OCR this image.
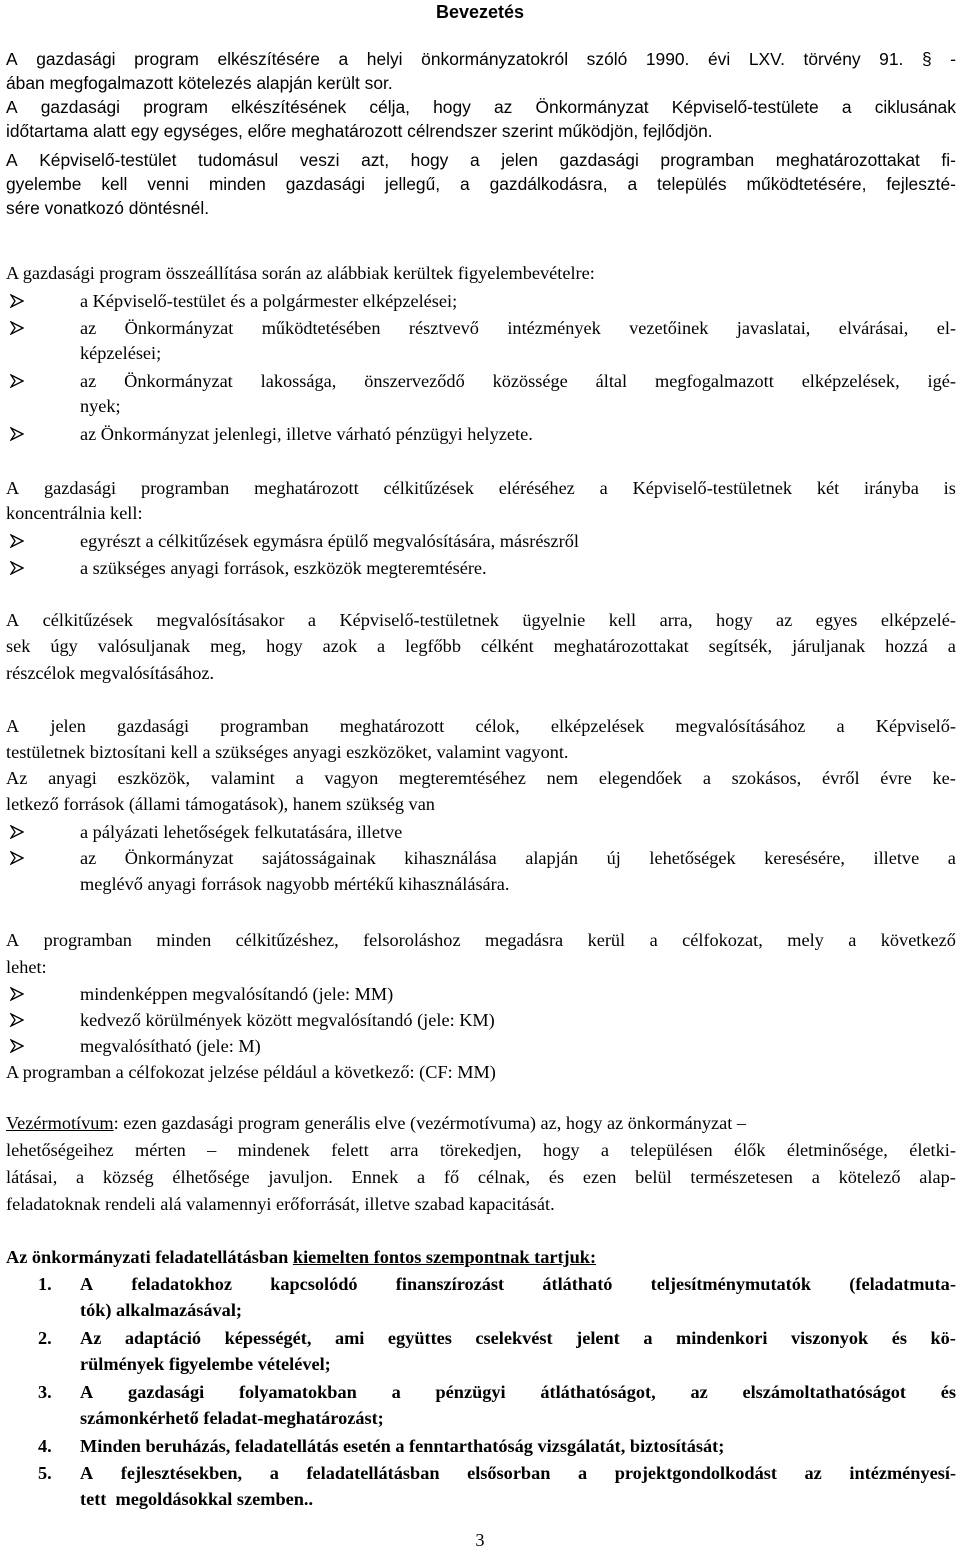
Bevezetés
A gazdasági program elkészítésére a helyi önkormányzatokról szóló 1990. évi LXV. törvény 91. § -
ában megfogalmazott kötelezés alapján került sor.
A gazdasági program elkészítésének célja, hogy az Önkormányzat Képviselő-testülete a ciklusának
időtartama alatt egy egységes, előre meghatározott célrendszer szerint működjön, fejlődjön.
A Képviselő-testület tudomásul veszi azt, hogy a jelen gazdasági programban meghatározottakat fi-
gyelembe kell venni minden gazdasági jellegű, a gazdálkodásra, a település működtetésére, fejleszté-
sére vonatkozó döntésnél.
A gazdasági program összeállítása során az alábbiak kerültek figyelembevételre:
a Képviselő-testület és a polgármester elképzelései;
az Önkormányzat működtetésében résztvevő intézmények vezetőinek javaslatai, elvárásai, el-
képzelései;
az Önkormányzat lakossága, önszerveződő közössége által megfogalmazott elképzelések, igé-
nyek;
az Önkormányzat jelenlegi, illetve várható pénzügyi helyzete.
A gazdasági programban meghatározott célkitűzések eléréséhez a Képviselő-testületnek két irányba is
koncentrálnia kell:
egyrészt a célkitűzések egymásra épülő megvalósítására, másrészről
a szükséges anyagi források, eszközök megteremtésére.
A célkitűzések megvalósításakor a Képviselő-testületnek ügyelnie kell arra, hogy az egyes elképzelé-
sek úgy valósuljanak meg, hogy azok a legfőbb célként meghatározottakat segítsék, járuljanak hozzá a
részcélok megvalósításához.
A jelen gazdasági programban meghatározott célok, elképzelések megvalósításához a Képviselő-
testületnek biztosítani kell a szükséges anyagi eszközöket, valamint vagyont.
Az anyagi eszközök, valamint a vagyon megteremtéséhez nem elegendőek a szokásos, évről évre ke-
letkező források (állami támogatások), hanem szükség van
a pályázati lehetőségek felkutatására, illetve
az Önkormányzat sajátosságainak kihasználása alapján új lehetőségek keresésére, illetve a
meglévő anyagi források nagyobb mértékű kihasználására.
A programban minden célkitűzéshez, felsoroláshoz megadásra kerül a célfokozat, mely a következő
lehet:
mindenképpen megvalósítandó (jele: MM)
kedvező körülmények között megvalósítandó (jele: KM)
megvalósítható (jele: M)
A programban a célfokozat jelzése például a következő: (CF: MM)
Vezérmotívum: ezen gazdasági program generális elve (vezérmotívuma) az, hogy az önkormányzat –
lehetőségeihez mérten – mindenek felett arra törekedjen, hogy a településen élők életminősége, életki-
látásai, a község élhetősége javuljon. Ennek a fő célnak, és ezen belül természetesen a kötelező alap-
feladatoknak rendeli alá valamennyi erőforrását, illetve szabad kapacitását.
Az önkormányzati feladatellátásban kiemelten fontos szempontnak tartjuk:
1. A feladatokhoz kapcsolódó finanszírozást átlátható teljesítménymutatók (feladatmuta-
tók) alkalmazásával;
2. Az adaptáció képességét, ami együttes cselekvést jelent a mindenkori viszonyok és kö-
rülmények figyelembe vételével;
3. A gazdasági folyamatokban a pénzügyi átláthatóságot, az elszámoltathatóságot és
számonkérhető feladat-meghatározást;
4. Minden beruházás, feladatellátás esetén a fenntarthatóság vizsgálatát, biztosítását;
5. A fejlesztésekben, a feladatellátásban elsősorban a projektgondolkodást az intézményesí-
tett  megoldásokkal szemben..
3
